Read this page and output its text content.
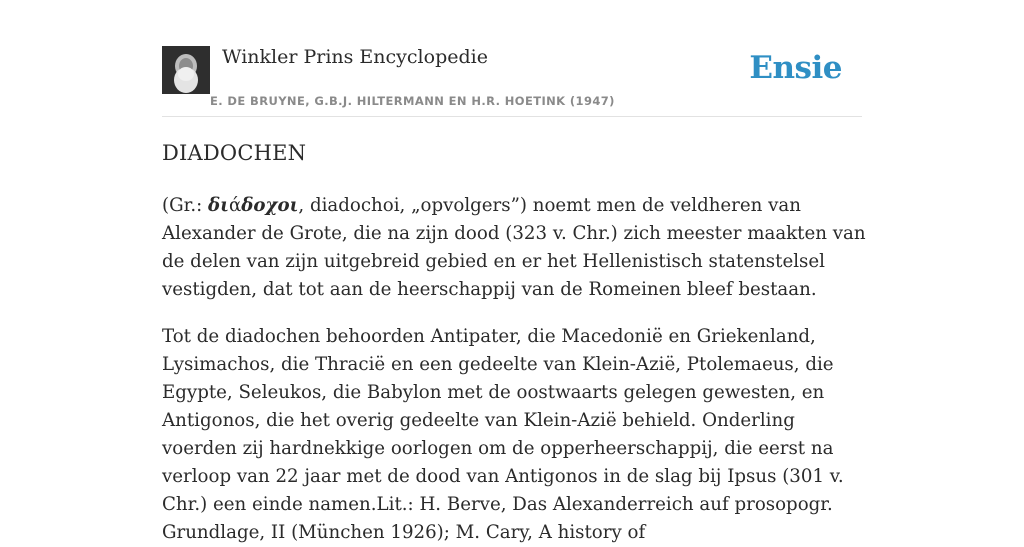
Winkler Prins Encyclopedie
E. DE BRUYNE, G.B.J. HILTERMANN EN H.R. HOETINK (1947)
Ensie
DIADOCHEN

(Gr.: διάδοχοι, diadochoi, „opvolgers”) noemt men de veldheren van Alexander de Grote, die na zijn dood (323 v. Chr.) zich meester maakten van de delen van zijn uitgebreid gebied en er het Hellenistisch statenstelsel vestigden, dat tot aan de heerschappij van de Romeinen bleef bestaan.

Tot de diadochen behoorden Antipater, die Macedonië en Griekenland, Lysimachos, die Thracië en een gedeelte van Klein-Azië, Ptolemaeus, die Egypte, Seleukos, die Babylon met de oostwaarts gelegen gewesten, en Antigonos, die het overig gedeelte van Klein-Azië behield. Onderling voerden zij hardnekkige oorlogen om de opperheerschappij, die eerst na verloop van 22 jaar met de dood van Antigonos in de slag bij Ipsus (301 v. Chr.) een einde namen.Lit.: H. Berve, Das Alexanderreich auf prosopogr. Grundlage, II (München 1926); M. Cary, A history of
